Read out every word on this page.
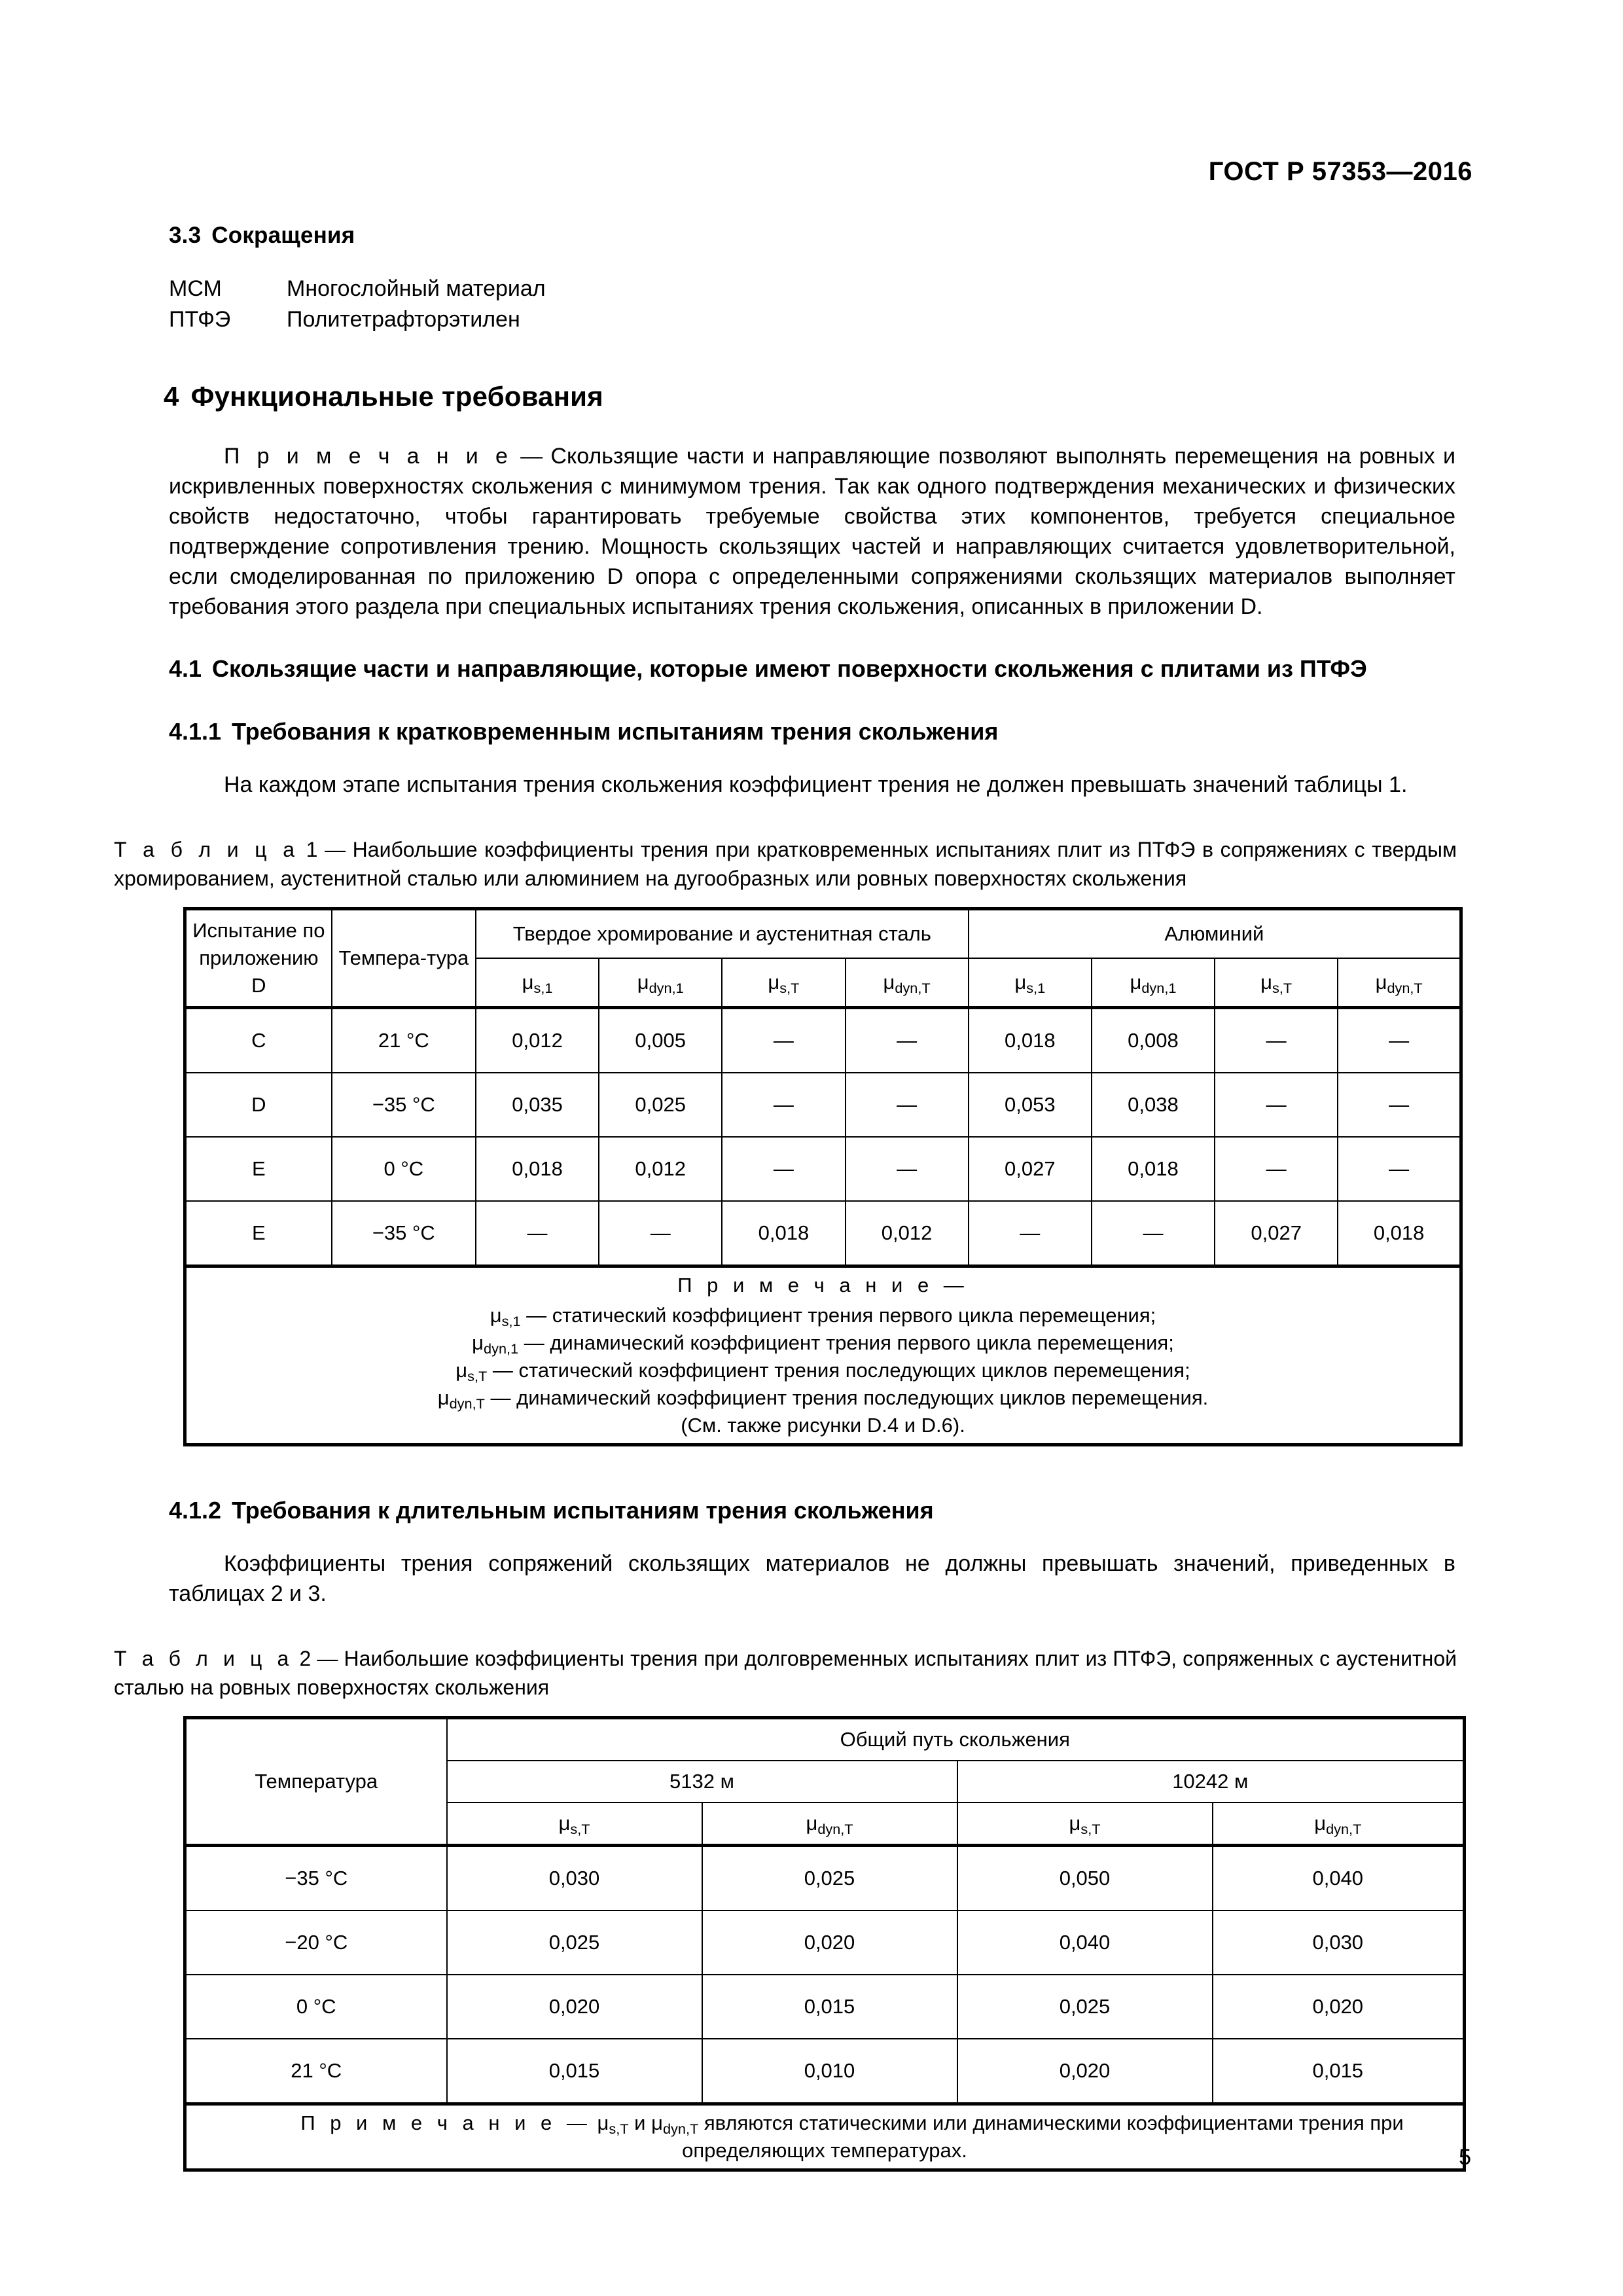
ГОСТ Р 57353—2016
3.3 Сокращения
МСМ	Многослойный материал
ПТФЭ	Политетрафторэтилен
4 Функциональные требования

П р и м е ч а н и е — Скользящие части и направляющие позволяют выполнять перемещения на ровных и искривленных поверхностях скольжения с минимумом трения. Так как одного подтверждения механических и физических свойств недостаточно, чтобы гарантировать требуемые свойства этих компонентов, требуется специальное подтверждение сопротивления трению. Мощность скользящих частей и направляющих считается удовлетворительной, если смоделированная по приложению D опора с определенными сопряжениями скользящих материалов выполняет требования этого раздела при специальных испытаниях трения скольжения, описанных в приложении D.

4.1 Скользящие части и направляющие, которые имеют поверхности скольжения с плитами из ПТФЭ
4.1.1 Требования к кратковременным испытаниям трения скольжения

На каждом этапе испытания трения скольжения коэффициент трения не должен превышать значений таблицы 1.

Т а б л и ц а 1 — Наибольшие коэффициенты трения при кратковременных испытаниях плит из ПТФЭ в сопряжениях с твердым хромированием, аустенитной сталью или алюминием на дугообразных или ровных поверхностях скольжения

Испытание по приложению D	Темпера-тура	Твердое хромирование и аустенитная сталь				Алюминий			
		$\mu_{s,1}$	$\mu_{dyn,1}$	$\mu_{s,T}$	$\mu_{dyn,T}$	$\mu_{s,1}$	$\mu_{dyn,1}$	$\mu_{s,T}$	$\mu_{dyn,T}$
C	21 °C	0,012	0,005	—	—	0,018	0,008	—	—
D	−35 °C	0,035	0,025	—	—	0,053	0,038	—	—
E	0 °C	0,018	0,012	—	—	0,027	0,018	—	—
E	−35 °C	—	—	0,018	0,012	—	—	0,027	0,018

П р и м е ч а н и е —
$\mu_{s,1}$ — статический коэффициент трения первого цикла перемещения;
$\mu_{dyn,1}$ — динамический коэффициент трения первого цикла перемещения;
$\mu_{s,T}$ — статический коэффициент трения последующих циклов перемещения;
$\mu_{dyn,T}$ — динамический коэффициент трения последующих циклов перемещения.
(См. также рисунки D.4 и D.6).
4.1.2 Требования к длительным испытаниям трения скольжения

Коэффициенты трения сопряжений скользящих материалов не должны превышать значений, приведенных в таблицах 2 и 3.

Т а б л и ц а 2 — Наибольшие коэффициенты трения при долговременных испытаниях плит из ПТФЭ, сопряженных с аустенитной сталью на ровных поверхностях скольжения

Температура	Общий путь скольжения			
	5132 м		10242 м	
	$\mu_{s,T}$	$\mu_{dyn,T}$	$\mu_{s,T}$	$\mu_{dyn,T}$
−35 °C	0,030	0,025	0,050	0,040
−20 °C	0,025	0,020	0,040	0,030
0 °C	0,020	0,015	0,025	0,020
21 °C	0,015	0,010	0,020	0,015

П р и м е ч а н и е — $\mu_{s,T}$ и $\mu_{dyn,T}$ являются статическими или динамическими коэффициентами трения при определяющих температурах.					5
